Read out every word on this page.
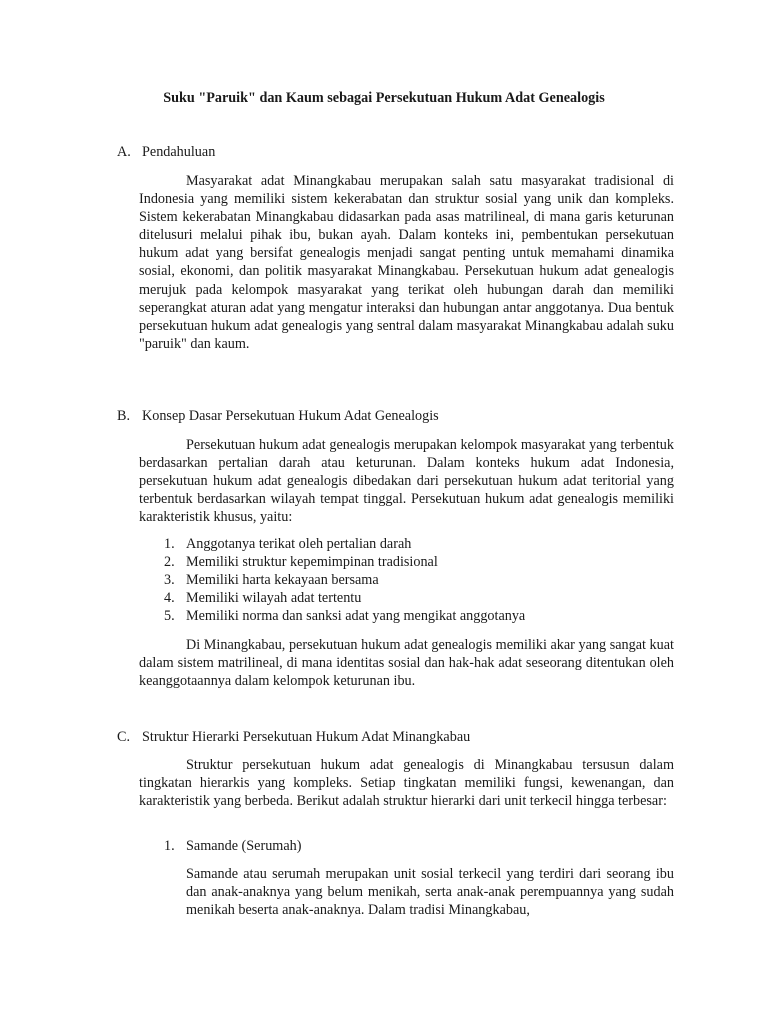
Suku "Paruik" dan Kaum sebagai Persekutuan Hukum Adat Genealogis

A. Pendahuluan

Masyarakat adat Minangkabau merupakan salah satu masyarakat tradisional di Indonesia yang memiliki sistem kekerabatan dan struktur sosial yang unik dan kompleks. Sistem kekerabatan Minangkabau didasarkan pada asas matrilineal, di mana garis keturunan ditelusuri melalui pihak ibu, bukan ayah. Dalam konteks ini, pembentukan persekutuan hukum adat yang bersifat genealogis menjadi sangat penting untuk memahami dinamika sosial, ekonomi, dan politik masyarakat Minangkabau. Persekutuan hukum adat genealogis merujuk pada kelompok masyarakat yang terikat oleh hubungan darah dan memiliki seperangkat aturan adat yang mengatur interaksi dan hubungan antar anggotanya. Dua bentuk persekutuan hukum adat genealogis yang sentral dalam masyarakat Minangkabau adalah suku "paruik" dan kaum.

B. Konsep Dasar Persekutuan Hukum Adat Genealogis

Persekutuan hukum adat genealogis merupakan kelompok masyarakat yang terbentuk berdasarkan pertalian darah atau keturunan. Dalam konteks hukum adat Indonesia, persekutuan hukum adat genealogis dibedakan dari persekutuan hukum adat teritorial yang terbentuk berdasarkan wilayah tempat tinggal. Persekutuan hukum adat genealogis memiliki karakteristik khusus, yaitu:

1. Anggotanya terikat oleh pertalian darah
2. Memiliki struktur kepemimpinan tradisional
3. Memiliki harta kekayaan bersama
4. Memiliki wilayah adat tertentu
5. Memiliki norma dan sanksi adat yang mengikat anggotanya

Di Minangkabau, persekutuan hukum adat genealogis memiliki akar yang sangat kuat dalam sistem matrilineal, di mana identitas sosial dan hak-hak adat seseorang ditentukan oleh keanggotaannya dalam kelompok keturunan ibu.

C. Struktur Hierarki Persekutuan Hukum Adat Minangkabau

Struktur persekutuan hukum adat genealogis di Minangkabau tersusun dalam tingkatan hierarkis yang kompleks. Setiap tingkatan memiliki fungsi, kewenangan, dan karakteristik yang berbeda. Berikut adalah struktur hierarki dari unit terkecil hingga terbesar:

1. Samande (Serumah)

Samande atau serumah merupakan unit sosial terkecil yang terdiri dari seorang ibu dan anak-anaknya yang belum menikah, serta anak-anak perempuannya yang sudah menikah beserta anak-anaknya. Dalam tradisi Minangkabau,
